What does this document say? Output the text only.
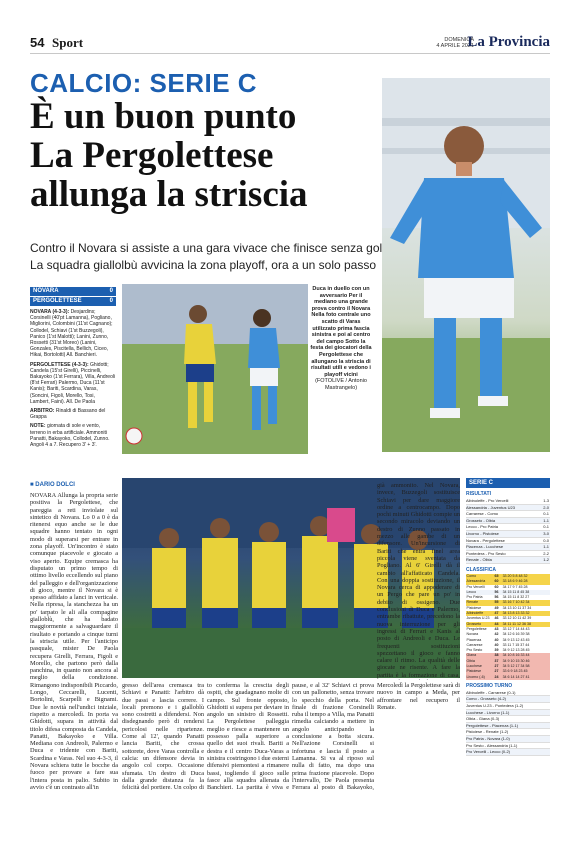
54 Sport	DOMENICA
4 APRILE 2021
La Provincia
CALCIO: SERIE C
È un buon punto
La Pergolettese
allunga la striscia
Contro il Novara si assiste a una gara vivace che finisce senza gol
La squadra giallolbù avvicina la zona playoff, ora a un solo passo
NOVARA	0
PERGOLETTESE	0

NOVARA (4-3-3): Desjardins; Corsinelli (40'pt Lamanna), Pogliano, Migliorini, Colombini (11'st Cagnano); Collodel, Schiavi (1'st Buzzegoli), Panico (1'st Malotti); Lanini, Zunno, Rossetti (31'st Moreo) (Lanini, Gonzales, Piscitella, Bellich, Ciceo, Hikai, Bortolotti) All. Banchieri.

PERGOLETTESE (4-3-3): Ghidotti; Candela (15'st Girelli), Piccinelli, Bakayoko (1'st Ferrara), Villa, Andreoli (8'st Ferrari) Palermo, Duca (11'st Kanis); Bariti, Scardina, Varas, (Soncini, Figoli, Morello, Tosi, Lambert, Faini). All. De Paola

ARBITRO: Rinaldi di Bassano del Grappa

NOTE: giornata di sole e vento, terreno in erba artificiale. Ammoniti Panatti, Bakayoko, Collodel, Zunno. Angoli 4 a 7. Recupero 3' + 3'.

Duca in duello con un avversario Per il mediano una grande prova contro il Novara Nella foto centrale uno scatto di Varas utilizzato prima fascia sinistra e poi al centro del campo Sotto la festa dei giocatori della Pergolettese che allungano la striscia di risultati utili e vedono i playoff vicini
(FOTOLIVE / Antonio Mastrangelo)
■ DARIO DOLCI
NOVARA Allunga la propria serie positiva la Pergolettese, che pareggia a reti inviolate sul sintetico di Novara. Lo 0 a 0 è da ritenersi equo anche se le due squadre hanno tentato in ogni modo di superarsi per entrare in zona playoff. Un'incontro è stato comunque piacevole e giocato a viso aperto. Equipe cremasca ha disputato un primo tempo di ottimo livello eccellendo sul piano del palleggio e dell'organizzazione di gioco, mentre il Novara si è spesso affidato a lanci in verticale. Nella ripresa, la stanchezza ha un po' tarpato le ali alla compagine gialloblù, che ha badato maggiormente a salvaguardare il risultato e portando a cinque turni la striscia utile. Per l'anticipo pasquale, mister De Paola recupera Girelli, Ferrara, Figoli e Morello, che partono però dalla panchina, in quanto non ancora al meglio della condizione. Rimangono indisponibili Piccardo, Longo, Ceccarelli, Lucenti, Bortolini, Scarpelli e Bignami. Due le novità nell'undici iniziale, rispetto a mercoledì. In porta va Ghidotti, supara in attività dal titolo difesa composta da Candela, Panatti, Bakayoko e Villa. Mediana con Andreoli, Palermo e Duca e tridente con Bariti, Scardina e Varas. Nel suo 4-3-3, il Novara schiera tutte le bocche da fuoco per provare a fare sua l'intera posta in palio. Subito in avvio c'è un contrasto all'in
gresso dell'area cremasca tra Schiavi e Panatti: l'arbitro dà due passi e lascia correre. I locali premono e i gialloblù sono costretti a difendersi. Non disdegnando però di rendersi pericolosi nelle ripartenze. Come al 12', quando Panatti lancia Bariti, che crossa sottorete, dove Varas controlla e calcia: un difensore devia in angolo col corpo. Occasione sfumata. Un destro di Duca dalla grande distanza fa la felicità del portiere. Un colpo di
to conferma la crescita degli ospiti, che guadagnano molte di campo. Sul fronte opposto, Ghidotti si supera per deviare in angolo un sinistro di Rossetti. La Pergolettese palleggia meglio e riesce a mantenere un possesso palla superiore a quello dei suoi rivali. Bariti a destra e il centro Duca-Varas a sinistra costringono i due esterni difensivi piemontesi a rimanere bassi, togliendo il gioco sulle fasce alla squadra allenata da Banchieri. La partita è viva e
pause, e al 32' Schiavi ci prova con un pallonetto, senza trovare lo specchio della porta. Nel finale di frazione Corsinelli ruba il tempo a Villa, ma Panatti rimedia calciando a mettere in angolo anticipando la conclusione a botta sicura. Nell'azione Corsinelli si infortuna e lascia il posto a Lamanna. Si va al riposo sul nulla di fatto, ma dopo una prima frazione piacevole. Dopo l'intervallo, De Paola presenta Ferrara al posto di Bakayoko,
già ammonito. Nel Novara, invece, Buzzegoli sostituisce Schiavi per dare maggiore ordine a centrocampo. Dopo pochi minuti Ghidotti compie un secondo miracolo deviando un destro di Zunno passato in mezzo alle gambe di un difensore. Un'incursione di Bariti che entra finel area piccola viene sventata da Pogliano. Al 6' Girelli dà il cambio all'affaticato Candela. Con una doppia sostituzione, il Novara cerca di appoderare di un Pergo che pare un po' in debito di ossigeno. Due conclusioni di Duca e Palermo, entrambe ribattute, precedono la nuova interruzione per gli ingressi di Ferrari e Kanis al posto di Andreoli e Duca. Le frequenti sostituzioni spezzettano il gioco e fanno calare il ritmo. La qualità delle giocate ne risente. A fare la partita è la formazione di casa,
Mercoledì la Pergolettese sarà di nuovo in campo a Meda, per affrontare nel recupero il Renate.
SERIE C
RISULTATI
Albinoleffe - Pro Vercelli	1-3
Alessandria - Juventus U23	2-0
Carrarese - Como	0-1
Grosseto - Olbia	1-1
Lecco - Pro Patria	0-1
Livorno - Pistoiese	3-0
Novara - Pergolettese	0-0
Piacenza - Lucchese	1-1
Pontedera - Pro Sesto	2-2
Renate - Olbia	1-2
CLASSIFICA
Como	65	33 20 5 8 48 32
Alessandria	60	33 18 6 9 46 28
Pro Vercelli	60	34 17 9 7 45 28
Lecco	56	34 15 11 8 45 38
Pro Patria	56	34 15 11 8 32 27
Renate	55	33 16 7 10 42 34
Pistoiese	49	34 13 10 11 37 34
Albinoleffe	47	34 13 8 13 33 32
Juventus U.23	46	33 12 10 11 42 39
Grosseto	44	34 11 11 12 36 38
Pergolettese	43	33 12 7 14 44 43
Novara	42	34 12 6 16 39 38
Piacenza	40	34 9 13 12 43 45
Carrarese	40	33 11 7 15 37 44
Pro Sesto	39	34 9 12 13 28 45
Giana	38	34 10 8 16 33 44
Olbia	37	34 9 10 15 30 46
Lucchese	27	34 5 12 17 34 58
Pistoiese	27	33 6 9 18 23 45
Livorno (-6)	24	34 6 14 14 27 41
PROSSIMO TURNO
Albinoleffe - Carrarese (0-1)
Como - Grosseto (4-2)
Juventus U.23 - Pontedera (1-2)
Lucchese - Livorno (1-1)
Olbia - Giana (0-3)
Pergolettese - Piacenza (1-1)
Pistoiese - Renate (1-2)
Pro Patria - Novara (1-0)
Pro Sesto - Alessandria (1-1)
Pro Vercelli - Lecco (0-2)
